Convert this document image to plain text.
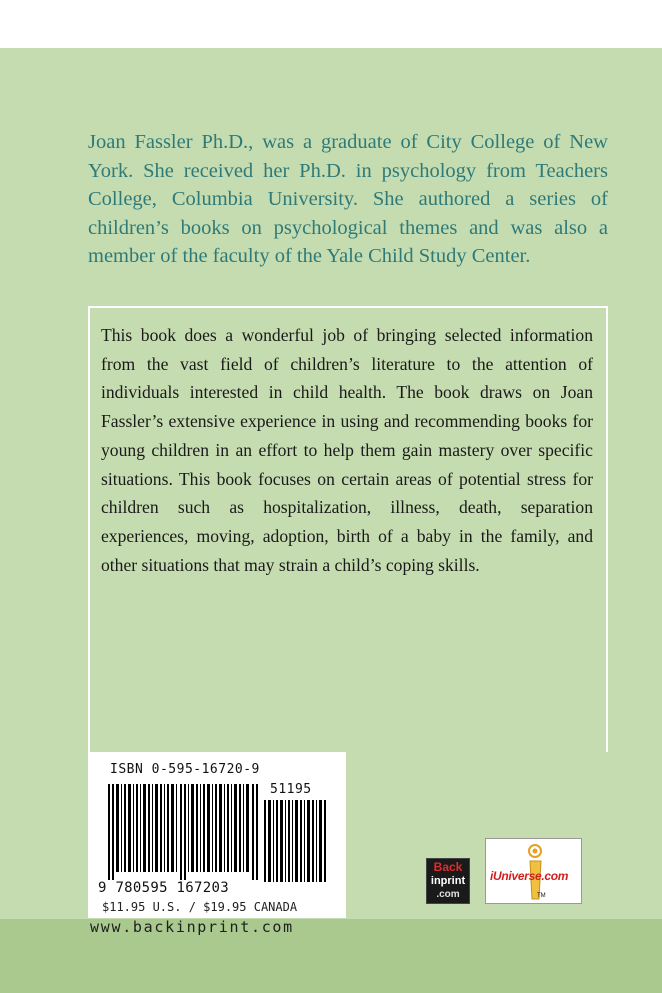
Joan Fassler Ph.D., was a graduate of City College of New York. She received her Ph.D. in psychology from Teachers College, Columbia University. She authored a series of children’s books on psychological themes and was also a member of the faculty of the Yale Child Study Center.

This book does a wonderful job of bringing selected information from the vast field of children’s literature to the attention of individuals interested in child health. The book draws on Joan Fassler’s extensive experience in using and recommending books for young children in an effort to help them gain mastery over specific situations. This book focuses on certain areas of potential stress for children such as hospitalization, illness, death, separation experiences, moving, adoption, birth of a baby in the family, and other situations that may strain a child’s coping skills.

ISBN 0-595-16720-9
51195
9 780595 167203
$11.95 U.S. / $19.95 CANADA
Back
inprint
.com
iUniverse.com
TM
www.backinprint.com
